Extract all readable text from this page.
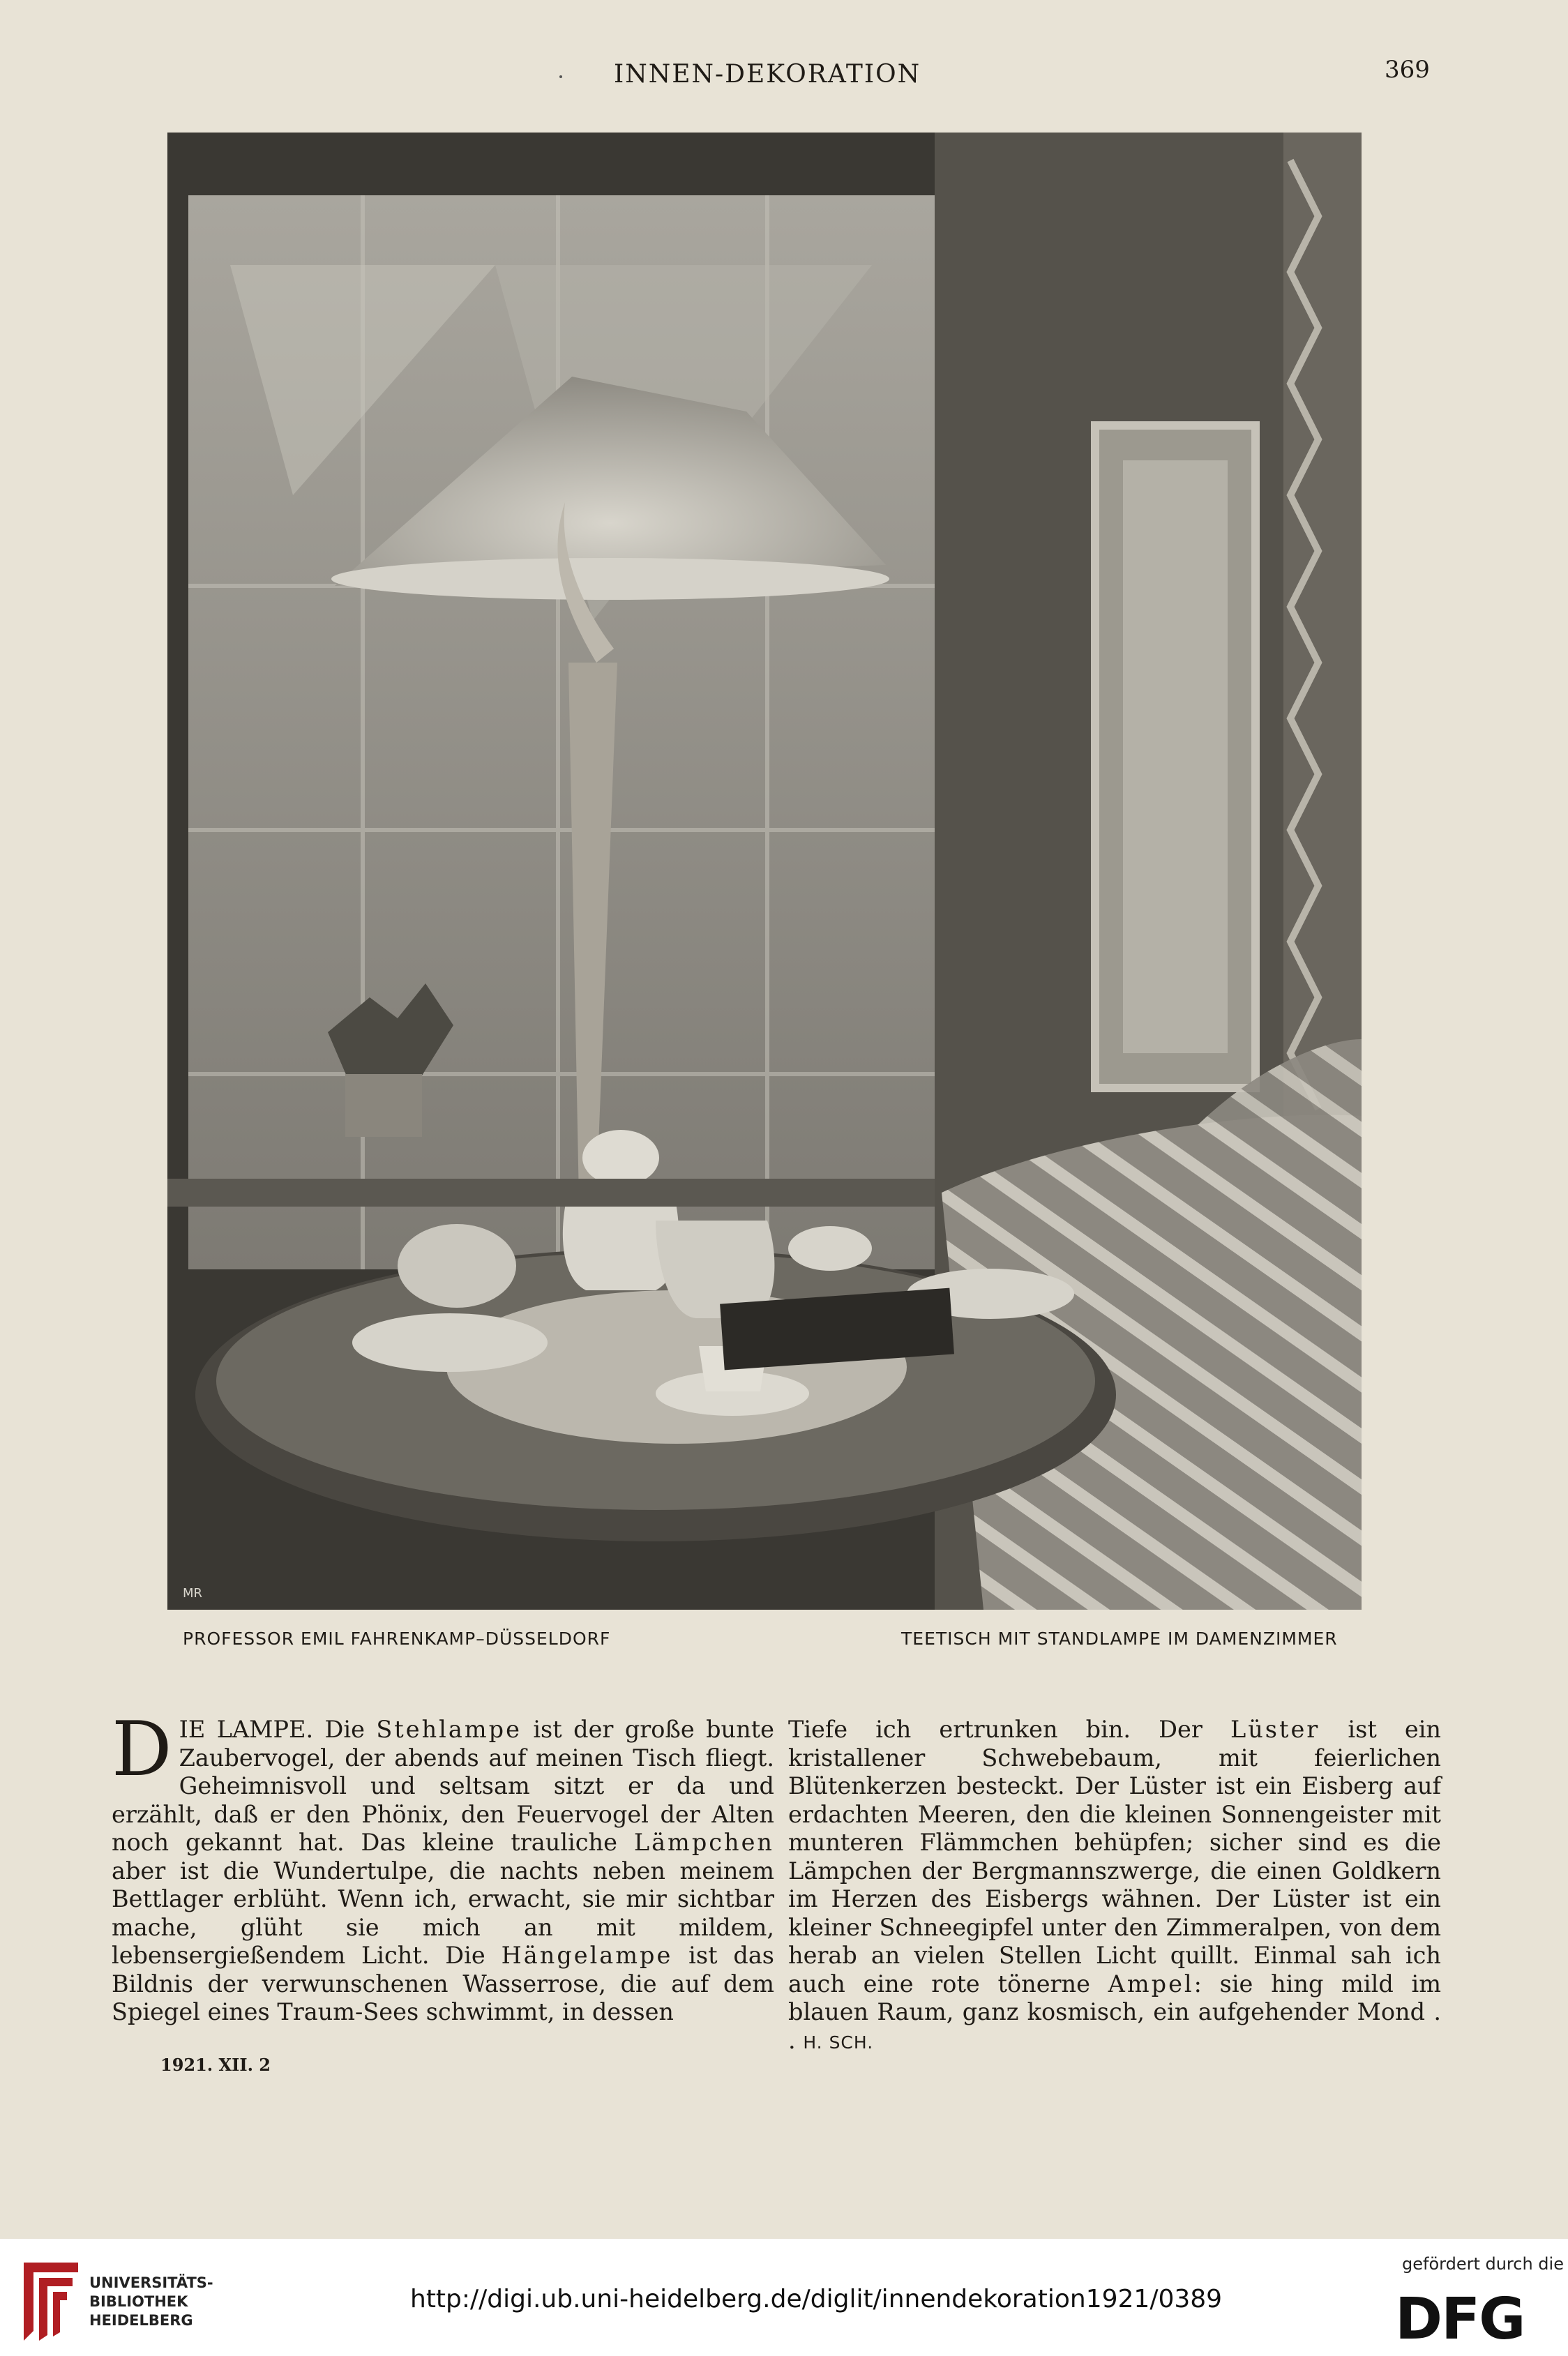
INNEN-DEKORATION	369
MR
PROFESSOR EMIL FAHRENKAMP–DÜSSELDORF	TEETISCH MIT STANDLAMPE IM DAMENZIMMER

DIE LAMPE. Die Stehlampe ist der große bunte Zaubervogel, der abends auf meinen Tisch fliegt. Geheimnisvoll und seltsam sitzt er da und erzählt, daß er den Phönix, den Feuervogel der Alten noch gekannt hat. Das kleine trauliche Lämpchen aber ist die Wundertulpe, die nachts neben meinem Bettlager erblüht. Wenn ich, erwacht, sie mir sichtbar mache, glüht sie mich an mit mildem, lebensergießendem Licht. Die Hängelampe ist das Bildnis der verwunschenen Wasserrose, die auf dem Spiegel eines Traum-Sees schwimmt, in dessen

Tiefe ich ertrunken bin. Der Lüster ist ein kristallener Schwebebaum, mit feierlichen Blütenkerzen besteckt. Der Lüster ist ein Eisberg auf erdachten Meeren, den die kleinen Sonnengeister mit munteren Flämmchen behüpfen; sicher sind es die Lämpchen der Bergmannszwerge, die einen Goldkern im Herzen des Eisbergs wähnen. Der Lüster ist ein kleiner Schneegipfel unter den Zimmeralpen, von dem herab an vielen Stellen Licht quillt. Einmal sah ich auch eine rote tönerne Ampel: sie hing mild im blauen Raum, ganz kosmisch, ein aufgehender Mond . . H. SCH.

1921. XII. 2
UNIVERSITÄTS-
BIBLIOTHEK
HEIDELBERG
http://digi.ub.uni-heidelberg.de/diglit/innendekoration1921/0389
gefördert durch die
DFG
